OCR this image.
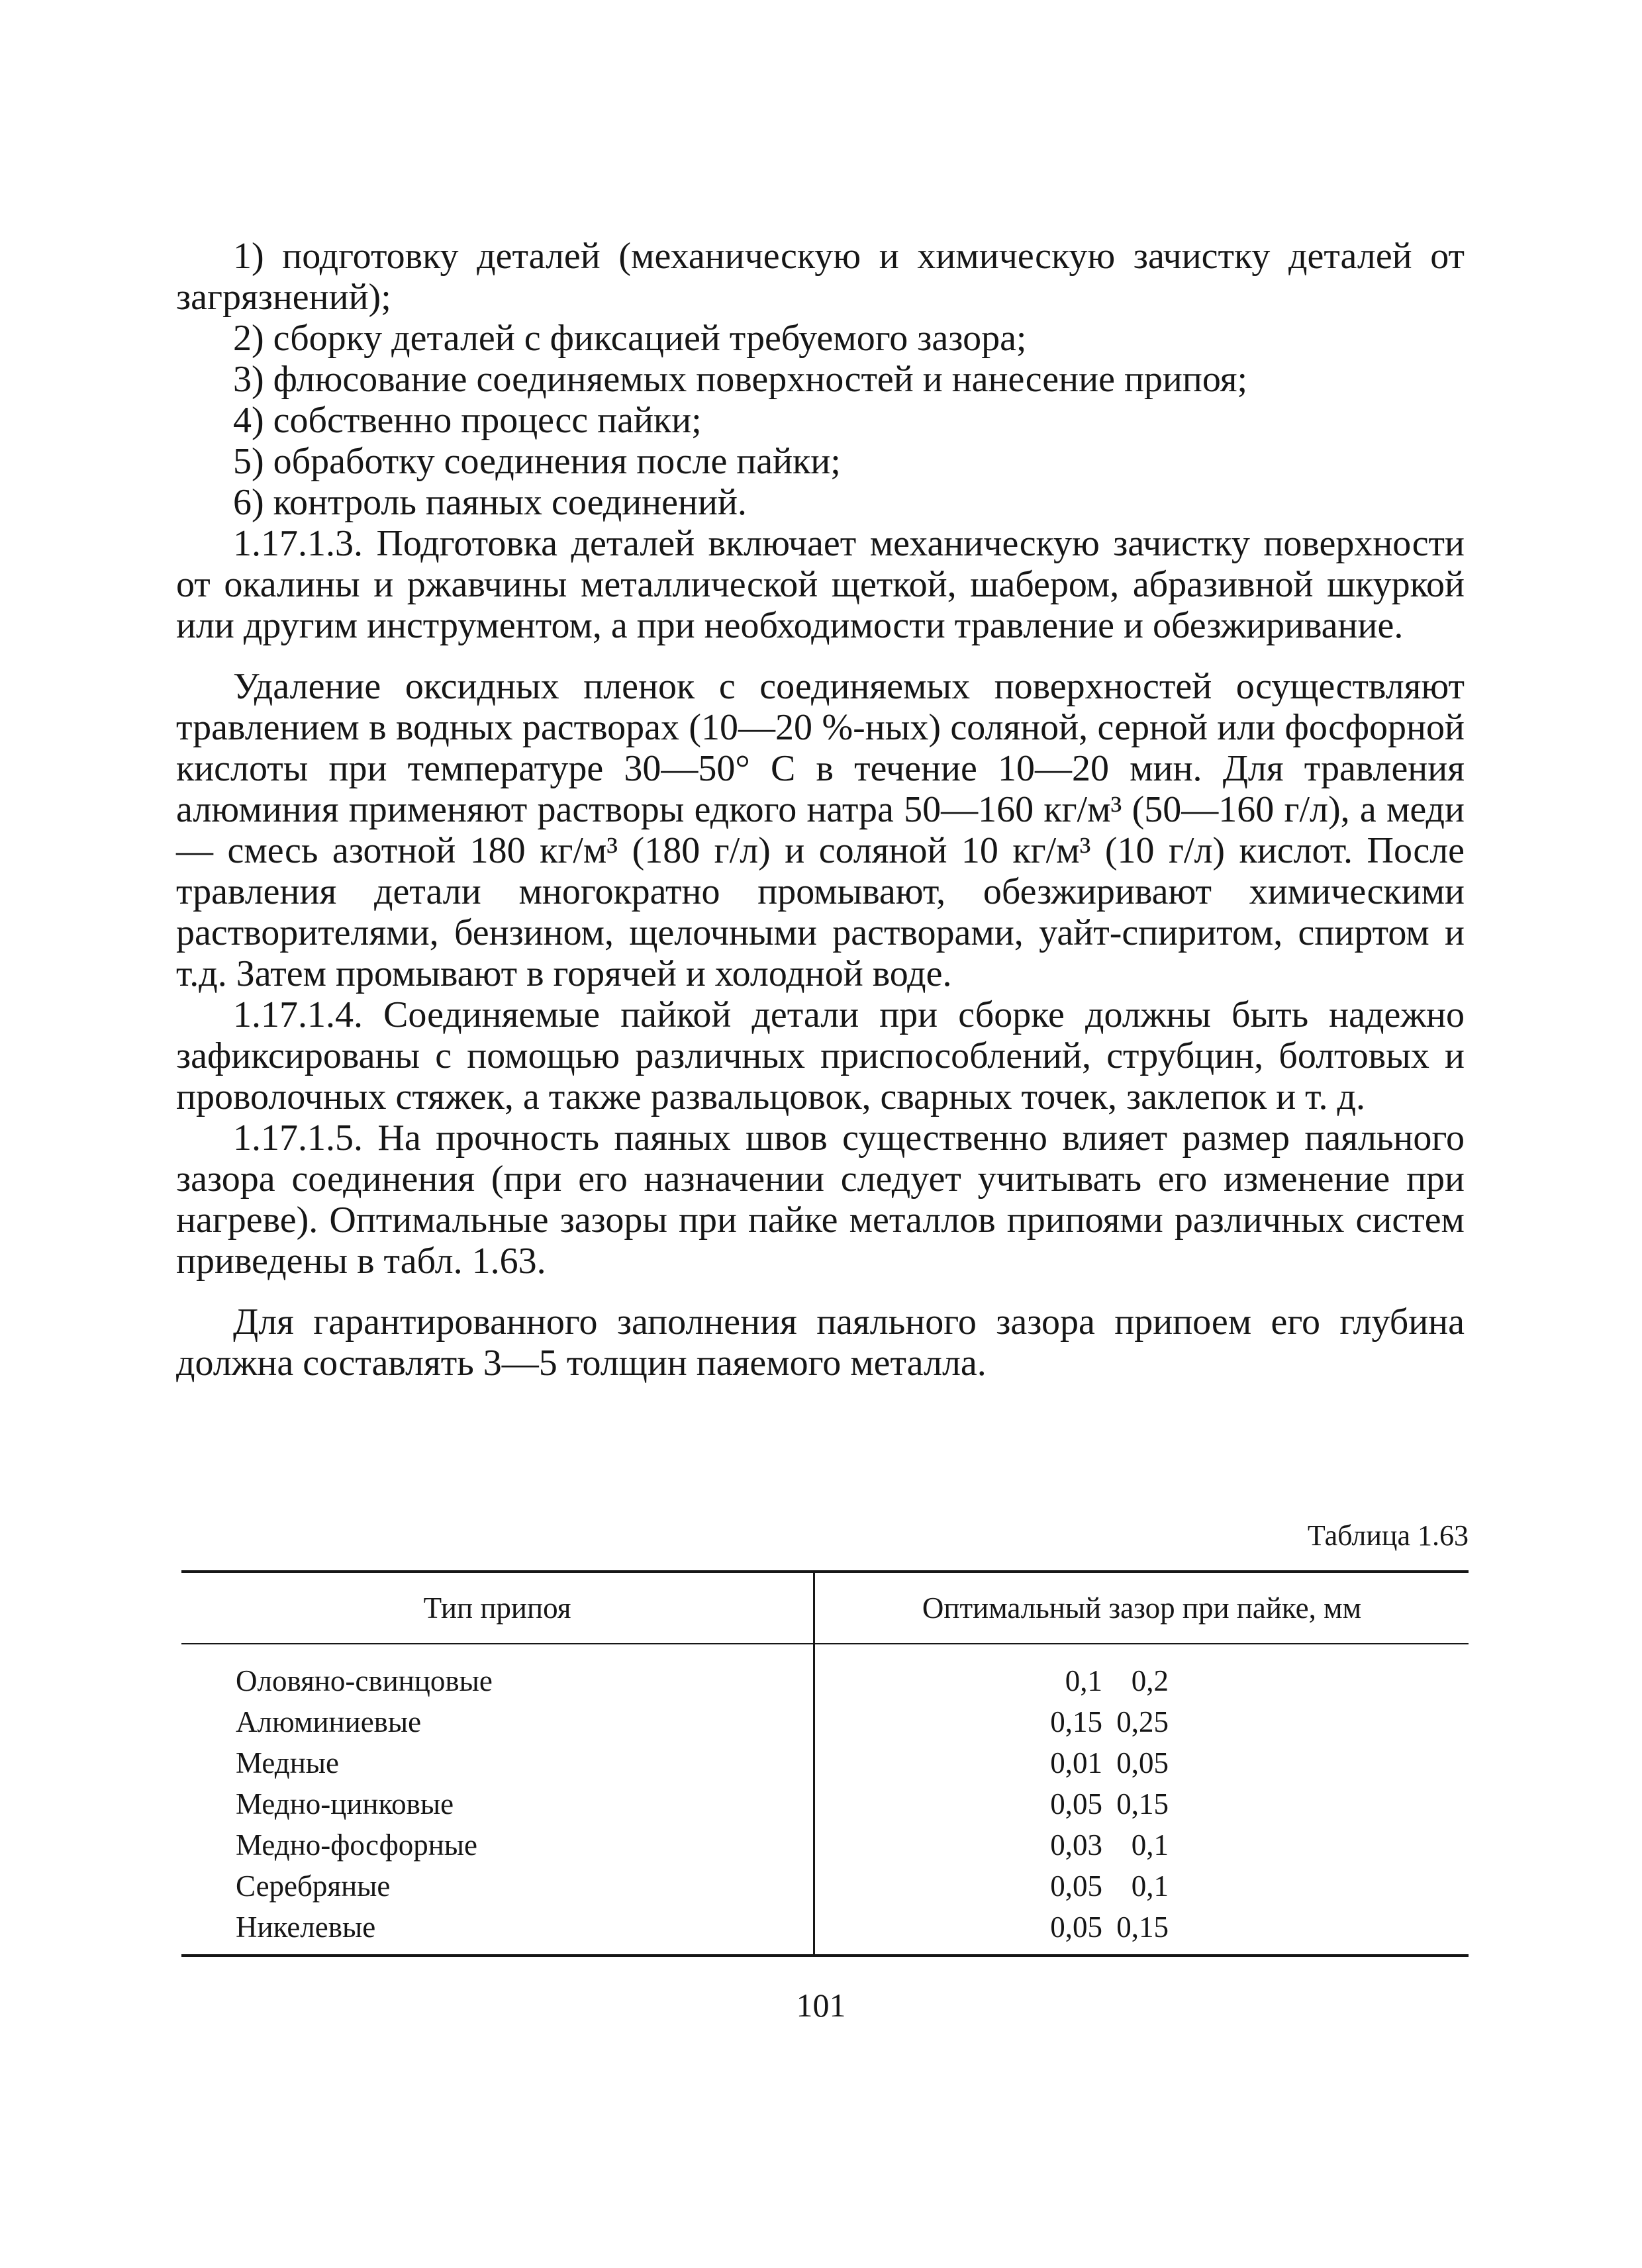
1) подготовку деталей (механическую и химическую зачистку деталей от загрязнений);

2) сборку деталей с фиксацией требуемого зазора;

3) флюсование соединяемых поверхностей и нанесение припоя;

4) собственно процесс пайки;

5) обработку соединения после пайки;

6) контроль паяных соединений.

1.17.1.3. Подготовка деталей включает механическую зачистку поверхности от окалины и ржавчины металлической щеткой, шабером, абразивной шкуркой или другим инструментом, а при необходимости травление и обезжиривание.

Удаление оксидных пленок с соединяемых поверхностей осуществляют травлением в водных растворах (10—20 %-ных) соляной, серной или фосфорной кислоты при температуре 30—50° С в течение 10—20 мин. Для травления алюминия применяют растворы едкого натра 50—160 кг/м³ (50—160 г/л), а меди — смесь азотной 180 кг/м³ (180 г/л) и соляной 10 кг/м³ (10 г/л) кислот. После травления детали многократно промывают, обезжиривают химическими растворителями, бензином, щелочными растворами, уайт-спиритом, спиртом и т.д. Затем промывают в горячей и холодной воде.

1.17.1.4. Соединяемые пайкой детали при сборке должны быть надежно зафиксированы с помощью различных приспособлений, струбцин, болтовых и проволочных стяжек, а также развальцовок, сварных точек, заклепок и т. д.

1.17.1.5. На прочность паяных швов существенно влияет размер паяльного зазора соединения (при его назначении следует учитывать его изменение при нагреве). Оптимальные зазоры при пайке металлов припоями различных систем приведены в табл. 1.63.

Для гарантированного заполнения паяльного зазора припоем его глубина должна составлять 3—5 толщин паяемого металла.

Таблица 1.63
Тип припоя	Оптимальный зазор при пайке, мм
Оловяно-свинцовые	0,1 0,2
Алюминиевые	0,15 0,25
Медные	0,01 0,05
Медно-цинковые	0,05 0,15
Медно-фосфорные	0,03 0,1
Серебряные	0,05 0,1
Никелевые	0,05 0,15
101
